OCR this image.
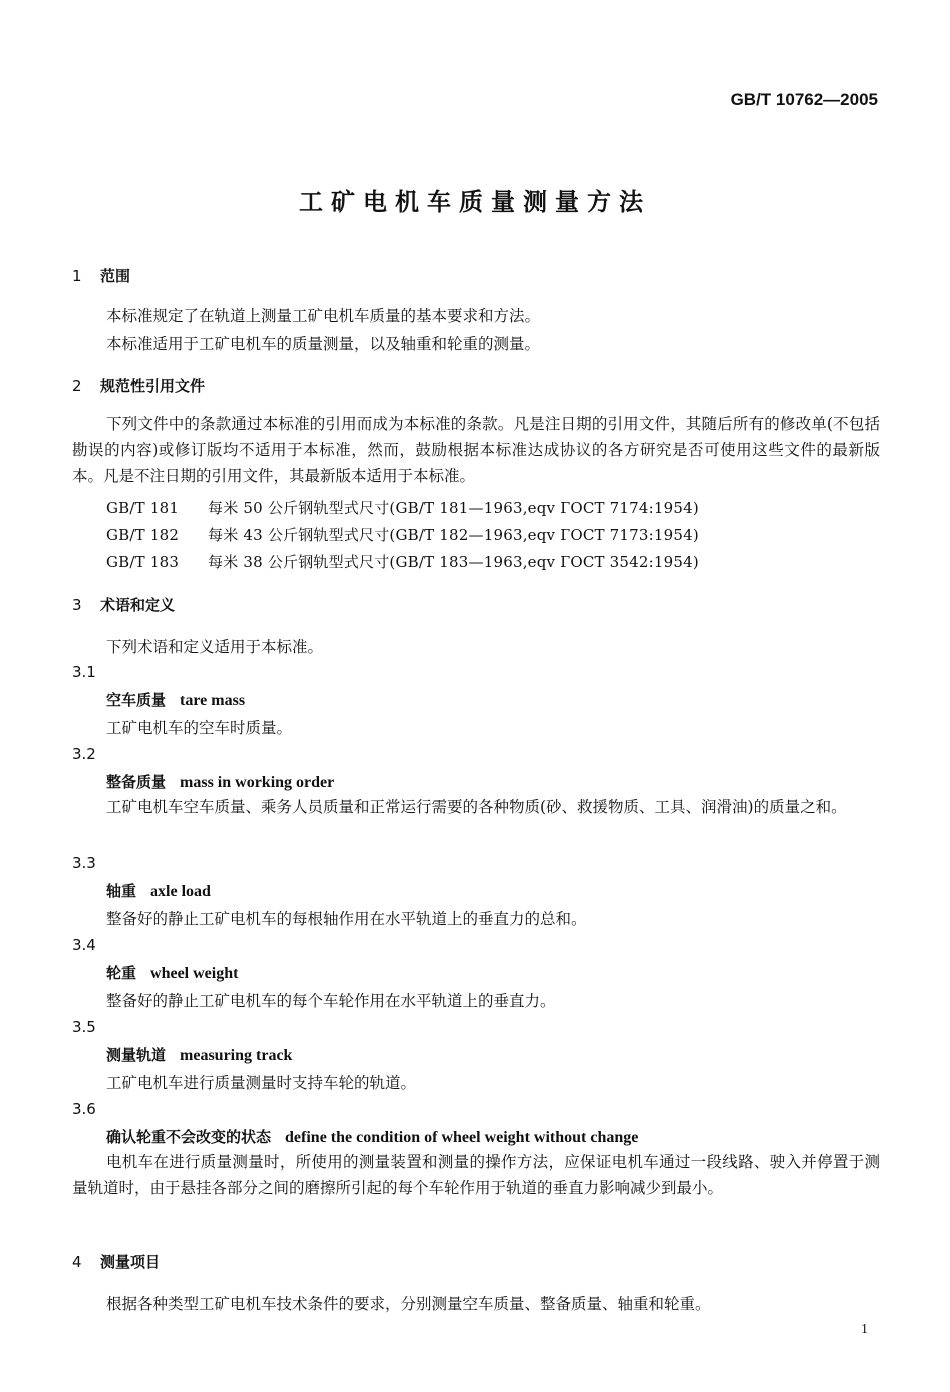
GB/T 10762—2005
工矿电机车质量测量方法
1 范围
本标准规定了在轨道上测量工矿电机车质量的基本要求和方法。
本标准适用于工矿电机车的质量测量，以及轴重和轮重的测量。
2 规范性引用文件
下列文件中的条款通过本标准的引用而成为本标准的条款。凡是注日期的引用文件，其随后所有的修改单(不包括勘误的内容)或修订版均不适用于本标准，然而，鼓励根据本标准达成协议的各方研究是否可使用这些文件的最新版本。凡是不注日期的引用文件，其最新版本适用于本标准。
GB/T 181 每米 50 公斤钢轨型式尺寸(GB/T 181—1963,eqv ГОСТ 7174:1954)
GB/T 182 每米 43 公斤钢轨型式尺寸(GB/T 182—1963,eqv ГОСТ 7173:1954)
GB/T 183 每米 38 公斤钢轨型式尺寸(GB/T 183—1963,eqv ГОСТ 3542:1954)
3 术语和定义
下列术语和定义适用于本标准。
3.1
空车质量 tare mass
工矿电机车的空车时质量。
3.2
整备质量 mass in working order
工矿电机车空车质量、乘务人员质量和正常运行需要的各种物质(砂、救援物质、工具、润滑油)的质量之和。
3.3
轴重 axle load
整备好的静止工矿电机车的每根轴作用在水平轨道上的垂直力的总和。
3.4
轮重 wheel weight
整备好的静止工矿电机车的每个车轮作用在水平轨道上的垂直力。
3.5
测量轨道 measuring track
工矿电机车进行质量测量时支持车轮的轨道。
3.6
确认轮重不会改变的状态 define the condition of wheel weight without change
电机车在进行质量测量时，所使用的测量装置和测量的操作方法，应保证电机车通过一段线路、驶入并停置于测量轨道时，由于悬挂各部分之间的磨擦所引起的每个车轮作用于轨道的垂直力影响减少到最小。
4 测量项目
根据各种类型工矿电机车技术条件的要求，分别测量空车质量、整备质量、轴重和轮重。
1
